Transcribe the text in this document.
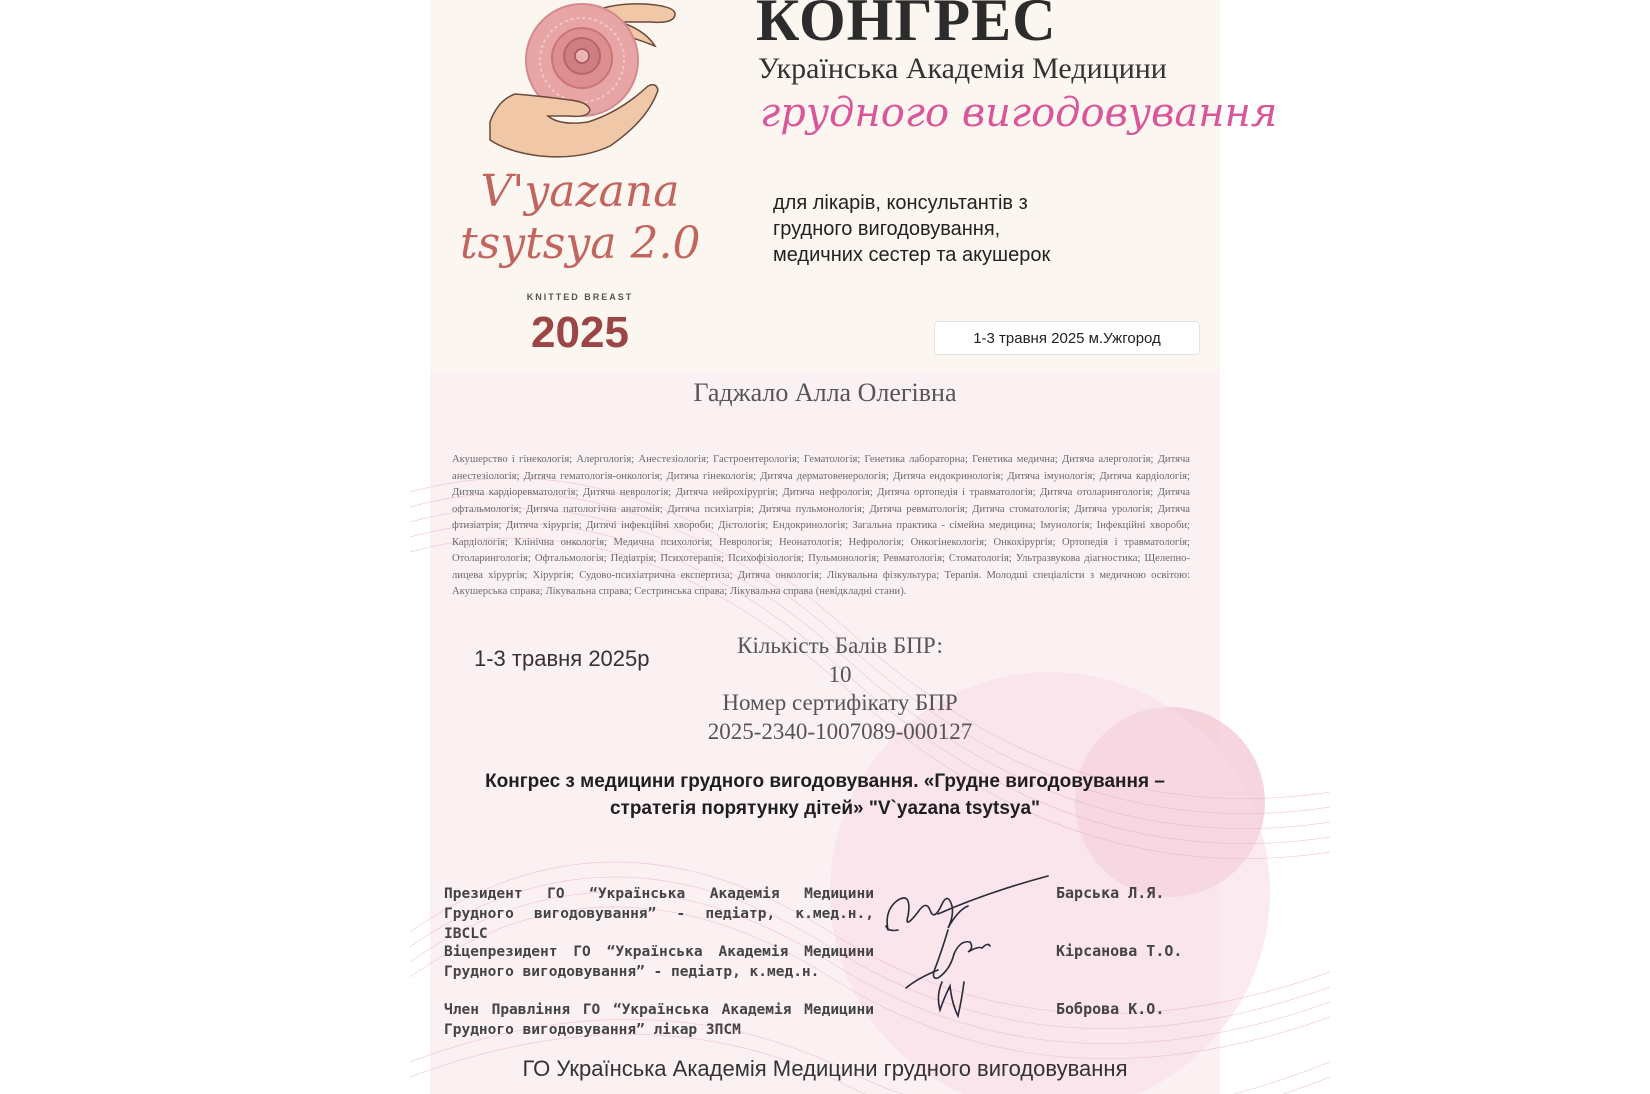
V'yazana
tsytsya 2.0
KNITTED BREAST
2025
КОНГРЕС
Українська Академія Медицини
грудного вигодовування
для лікарів, консультантів з
грудного вигодовування,
медичних сестер та акушерок
1-3 травня 2025 м.Ужгород
Гаджало Алла Олегівна
Акушерство і гінекологія; Алергологія; Анестезіологія; Гастроентерологія; Гематологія; Генетика лабораторна; Генетика медична; Дитяча алергологія; Дитяча анестезіологія; Дитяча гематологія-онкологія; Дитяча гінекологія; Дитяча дерматовенерологія; Дитяча ендокринологія; Дитяча імунологія; Дитяча кардіологія; Дитяча кардіоревматологія; Дитяча неврологія; Дитяча нейрохірургія; Дитяча нефрологія; Дитяча ортопедія і травматологія; Дитяча отоларингологія; Дитяча офтальмологія; Дитяча патологічна анатомія; Дитяча психіатрія; Дитяча пульмонологія; Дитяча ревматологія; Дитяча стоматологія; Дитяча урологія; Дитяча фтизіатрія; Дитяча хірургія; Дитячі інфекційні хвороби; Дієтологія; Ендокринологія; Загальна практика - сімейна медицина; Імунологія; Інфекційні хвороби; Кардіологія; Клінічна онкологія; Медична психологія; Неврологія; Неонатологія; Нефрологія; Онкогінекологія; Онкохірургія; Ортопедія і травматологія; Отоларингологія; Офтальмологія; Педіатрія; Психотерапія; Психофізіологія; Пульмонологія; Ревматологія; Стоматологія; Ультразвукова діагностика; Щелепно-лицева хірургія; Хірургія; Судово-психіатрична експертиза; Дитяча онкологія; Лікувальна фізкультура; Терапія. Молодші спеціалісти з медичною освітою: Акушерська справа; Лікувальна справа; Сестринська справа; Лікувальна справа (невідкладні стани).
1-3 травня 2025р
Кількість Балів БПР:
10
Номер сертифікату БПР
2025-2340-1007089-000127
Конгрес з медицини грудного вигодовування. «Грудне вигодовування –
стратегія порятунку дітей» "V`yazana tsytsya"
Президент ГО “Українська Академія Медицини Грудного вигодовування” - педіатр, к.мед.н., IBCLC
Барська Л.Я.
Віцепрезидент ГО “Українська Академія Медицини Грудного вигодовування” - педіатр, к.мед.н.
Кірсанова Т.О.
Член Правління ГО “Українська Академія Медицини Грудного вигодовування” лікар ЗПСМ
Боброва К.О.
ГО Українська Академія Медицини грудного вигодовування
